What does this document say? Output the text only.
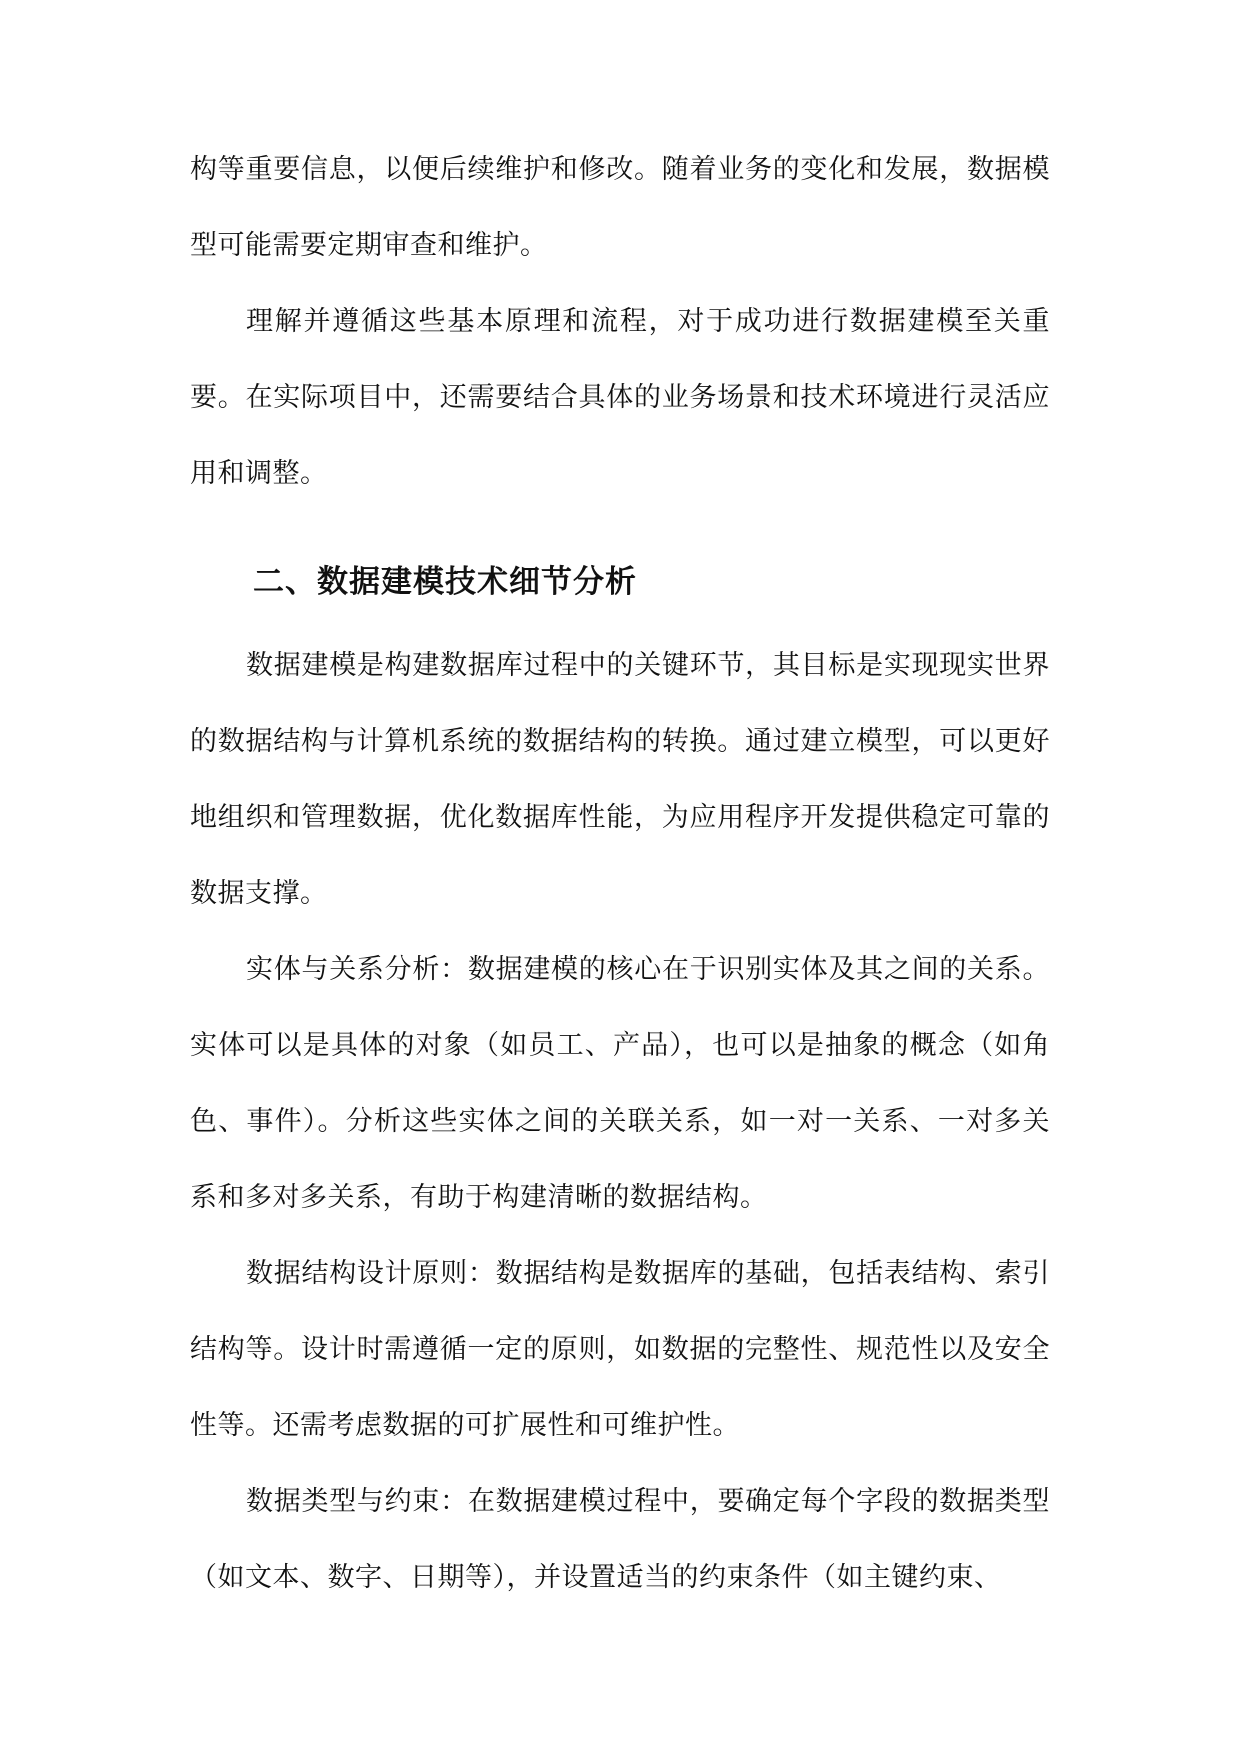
构等重要信息，以便后续维护和修改。随着业务的变化和发展，数据模型可能需要定期审查和维护。

理解并遵循这些基本原理和流程，对于成功进行数据建模至关重要。在实际项目中，还需要结合具体的业务场景和技术环境进行灵活应用和调整。

二、数据建模技术细节分析

数据建模是构建数据库过程中的关键环节，其目标是实现现实世界的数据结构与计算机系统的数据结构的转换。通过建立模型，可以更好地组织和管理数据，优化数据库性能，为应用程序开发提供稳定可靠的数据支撑。

实体与关系分析：数据建模的核心在于识别实体及其之间的关系。实体可以是具体的对象（如员工、产品），也可以是抽象的概念（如角色、事件）。分析这些实体之间的关联关系，如一对一关系、一对多关系和多对多关系，有助于构建清晰的数据结构。

数据结构设计原则：数据结构是数据库的基础，包括表结构、索引结构等。设计时需遵循一定的原则，如数据的完整性、规范性以及安全性等。还需考虑数据的可扩展性和可维护性。

数据类型与约束：在数据建模过程中，要确定每个字段的数据类型（如文本、数字、日期等），并设置适当的约束条件（如主键约束、
